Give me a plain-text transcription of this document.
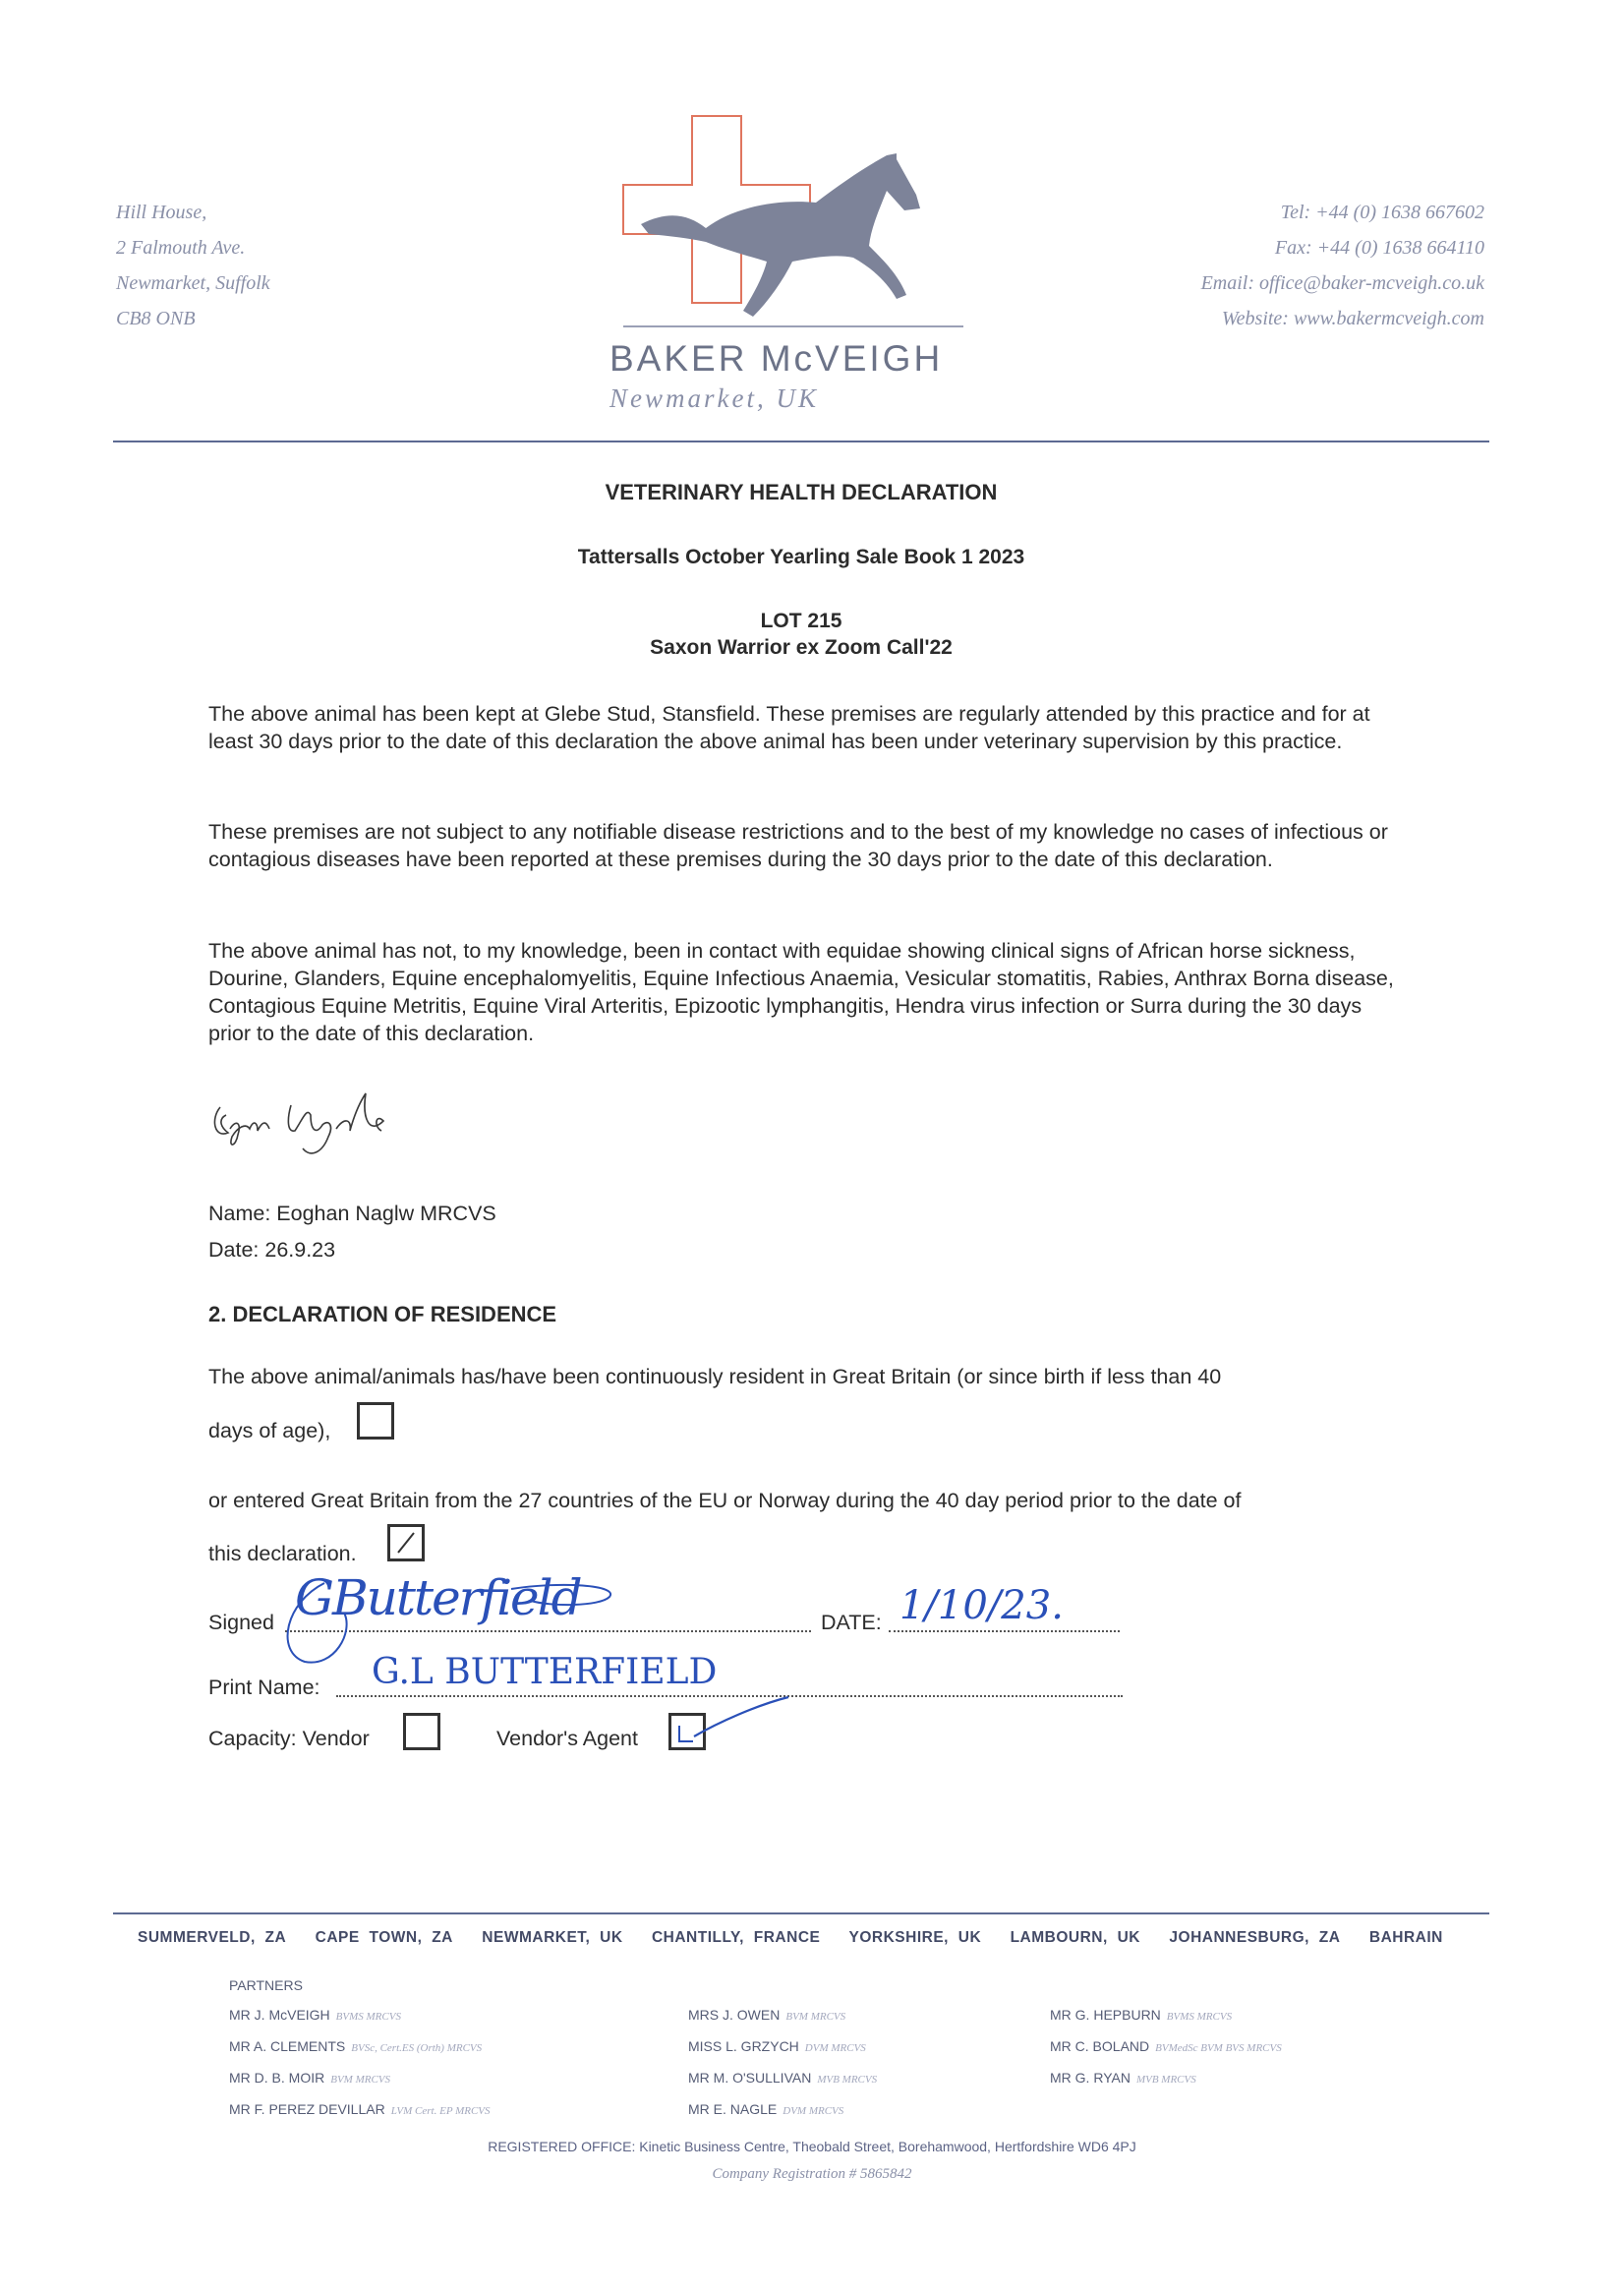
Hill House,
2 Falmouth Ave.
Newmarket, Suffolk
CB8 ONB
Tel: +44 (0) 1638 667602
Fax: +44 (0) 1638 664110
Email: office@baker-mcveigh.co.uk
Website: www.bakermcveigh.com
BAKER McVEIGH
Newmarket, UK
VETERINARY HEALTH DECLARATION
Tattersalls October Yearling Sale Book 1 2023
LOT 215
Saxon Warrior ex Zoom Call'22
The above animal has been kept at Glebe Stud, Stansfield. These premises are regularly attended by this practice and for at least 30 days prior to the date of this declaration the above animal has been under veterinary supervision by this practice.
These premises are not subject to any notifiable disease restrictions and to the best of my knowledge no cases of infectious or contagious diseases have been reported at these premises during the 30 days prior to the date of this declaration.
The above animal has not, to my knowledge, been in contact with equidae showing clinical signs of African horse sickness, Dourine, Glanders, Equine encephalomyelitis, Equine Infectious Anaemia, Vesicular stomatitis, Rabies, Anthrax Borna disease, Contagious Equine Metritis, Equine Viral Arteritis, Epizootic lymphangitis, Hendra virus infection or Surra during the 30 days prior to the date of this declaration.
Name: Eoghan Naglw MRCVS
Date: 26.9.23
2. DECLARATION OF RESIDENCE
The above animal/animals has/have been continuously resident in Great Britain (or since birth if less than 40
days of age),
or entered Great Britain from the 27 countries of the EU or Norway during the 40 day period prior to the date of
this declaration.
Signed GButterfield	DATE: 1/10/23.
Print Name: G.L BUTTERFIELD
Capacity: Vendor	Vendor's Agent
SUMMERVELD, ZA CAPE TOWN, ZA NEWMARKET, UK CHANTILLY, FRANCE YORKSHIRE, UK LAMBOURN, UK JOHANNESBURG, ZA BAHRAIN
PARTNERS
MR J. McVEIGH BVMS MRCVS
MR A. CLEMENTS BVSc, Cert.ES (Orth) MRCVS
MR D. B. MOIR BVM MRCVS
MR F. PEREZ DEVILLAR LVM Cert. EP MRCVS
MRS J. OWEN BVM MRCVS
MISS L. GRZYCH DVM MRCVS
MR M. O'SULLIVAN MVB MRCVS
MR E. NAGLE DVM MRCVS
MR G. HEPBURN BVMS MRCVS
MR C. BOLAND BVMedSc BVM BVS MRCVS
MR G. RYAN MVB MRCVS
REGISTERED OFFICE: Kinetic Business Centre, Theobald Street, Borehamwood, Hertfordshire WD6 4PJ
Company Registration # 5865842
